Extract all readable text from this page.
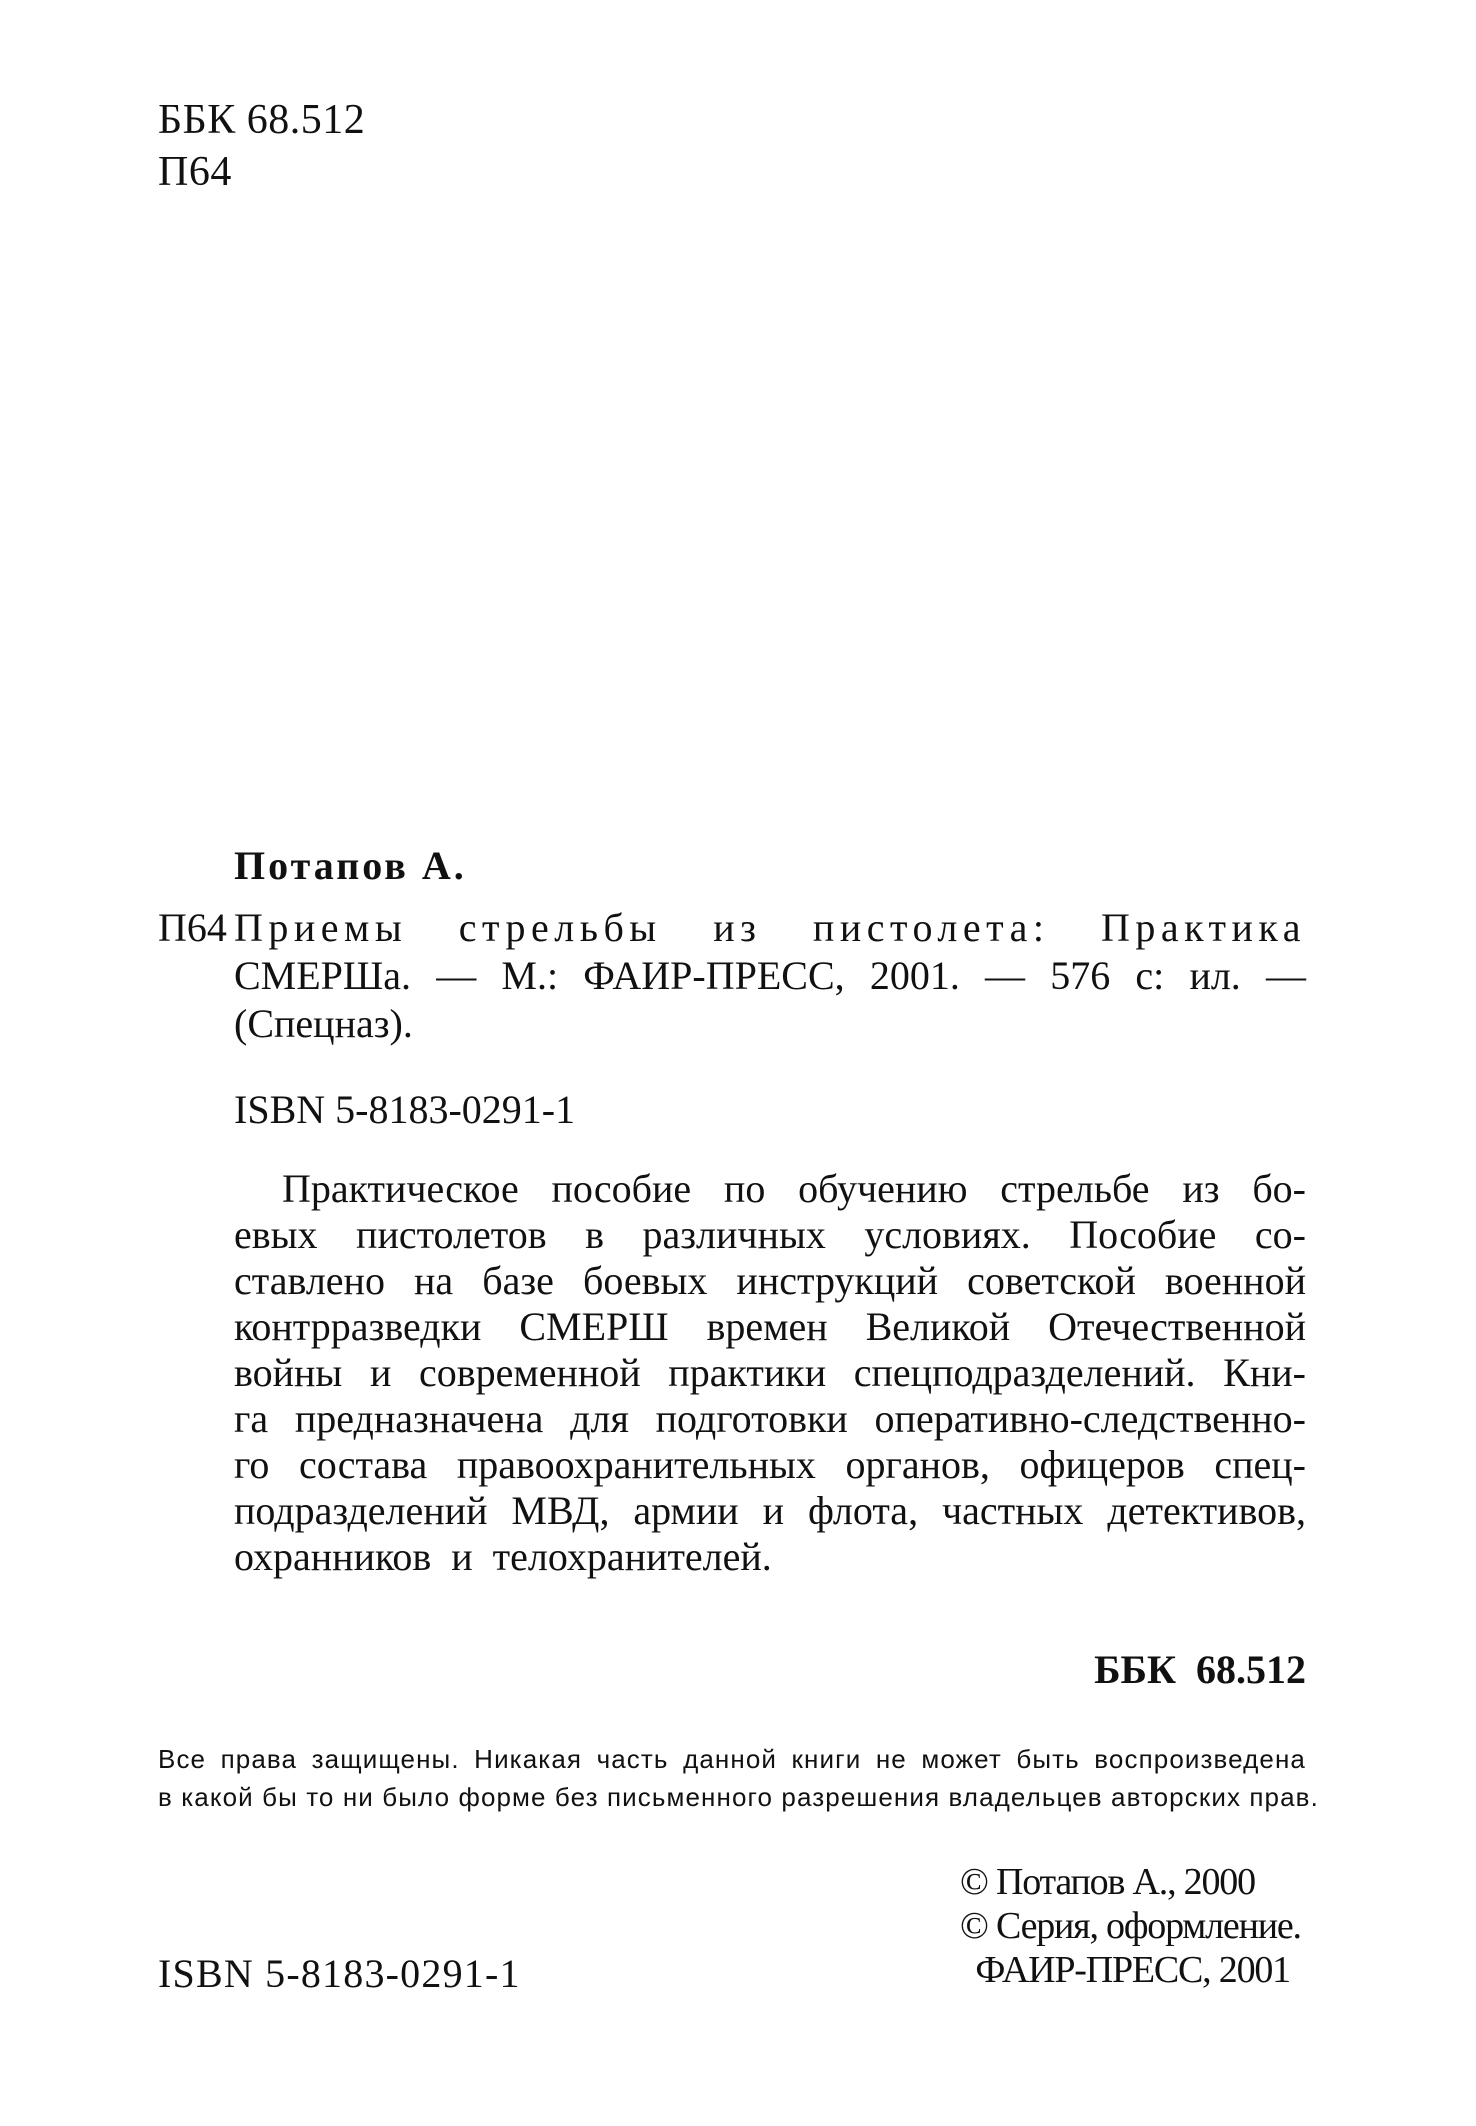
ББК 68.512
П64
Потапов А.
П64 Приемы стрельбы из пистолета: Практика
СМЕРШа. — М.: ФАИР-ПРЕСС, 2001. — 576 с: ил. —
(Спецназ).
ISBN 5-8183-0291-1
Практическое пособие по обучению стрельбе из бо-
евых пистолетов в различных условиях. Пособие со-
ставлено на базе боевых инструкций советской военной
контрразведки СМЕРШ времен Великой Отечественной
войны и современной практики спецподразделений. Кни-
га предназначена для подготовки оперативно-следственно-
го состава правоохранительных органов, офицеров спец-
подразделений МВД, армии и флота, частных детективов,
охранников и телохранителей.
ББК 68.512
Все права защищены. Никакая часть данной книги не может быть воспроизведена
в какой бы то ни было форме без письменного разрешения владельцев авторских прав.
© Потапов А., 2000
© Серия, оформление.
ФАИР-ПРЕСС, 2001
ISBN 5-8183-0291-1
